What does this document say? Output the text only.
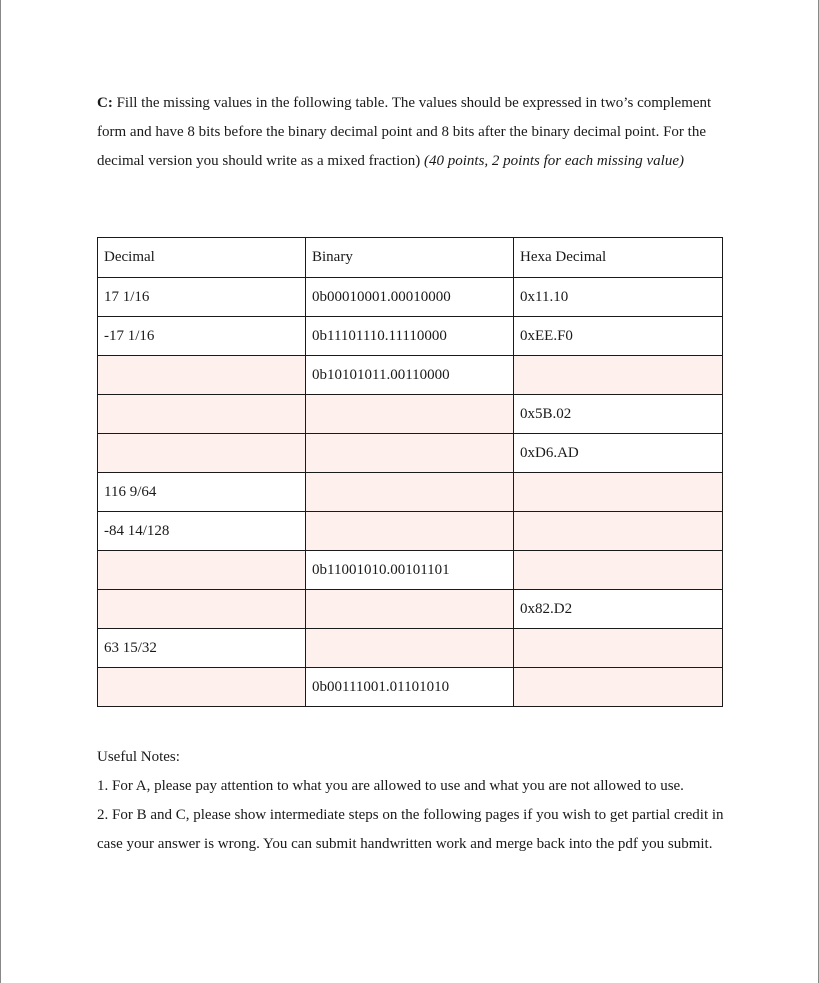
C: Fill the missing values in the following table. The values should be expressed in two’s complement form and have 8 bits before the binary decimal point and 8 bits after the binary decimal point. For the decimal version you should write as a mixed fraction) (40 points, 2 points for each missing value)
Decimal	Binary	Hexa Decimal
17 1/16	0b00010001.00010000	0x11.10
-17 1/16	0b11101110.11110000	0xEE.F0
	0b10101011.00110000	
		0x5B.02
		0xD6.AD
116 9/64		
-84 14/128		
	0b11001010.00101101	
		0x82.D2
63 15/32		
	0b00111001.01101010	

Useful Notes:

1. For A, please pay attention to what you are allowed to use and what you are not allowed to use.

2. For B and C, please show intermediate steps on the following pages if you wish to get partial credit in case your answer is wrong. You can submit handwritten work and merge back into the pdf you submit.
